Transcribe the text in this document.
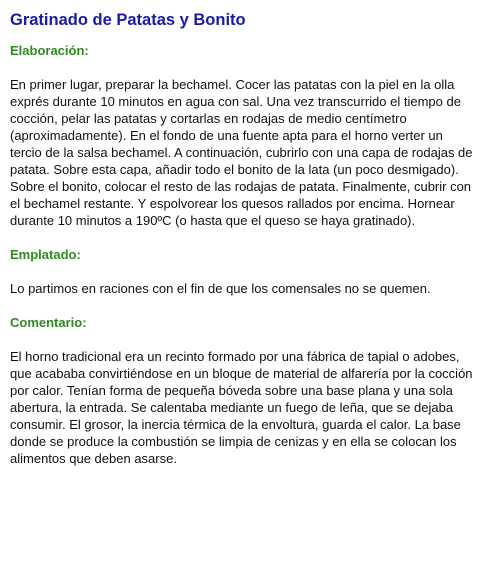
Gratinado de Patatas y Bonito
Elaboración:

En primer lugar, preparar la bechamel. Cocer las patatas con la piel en la olla exprés durante 10 minutos en agua con sal. Una vez transcurrido el tiempo de cocción, pelar las patatas y cortarlas en rodajas de medio centímetro (aproximadamente). En el fondo de una fuente apta para el horno verter un tercio de la salsa bechamel. A continuación, cubrirlo con una capa de rodajas de patata. Sobre esta capa, añadir todo el bonito de la lata (un poco desmigado). Sobre el bonito, colocar el resto de las rodajas de patata. Finalmente, cubrir con el bechamel restante. Y espolvorear los quesos rallados por encima. Hornear durante 10 minutos a 190ºC (o hasta que el queso se haya gratinado).

Emplatado:

Lo partimos en raciones con el fin de que los comensales no se quemen.

Comentario:

El horno tradicional era un recinto formado por una fábrica de tapial o adobes, que acababa convirtiéndose en un bloque de material de alfarería por la cocción por calor. Tenían forma de pequeña bóveda sobre una base plana y una sola abertura, la entrada. Se calentaba mediante un fuego de leña, que se dejaba consumir. El grosor, la inercia térmica de la envoltura, guarda el calor. La base donde se produce la combustión se limpia de cenizas y en ella se colocan los alimentos que deben asarse.
